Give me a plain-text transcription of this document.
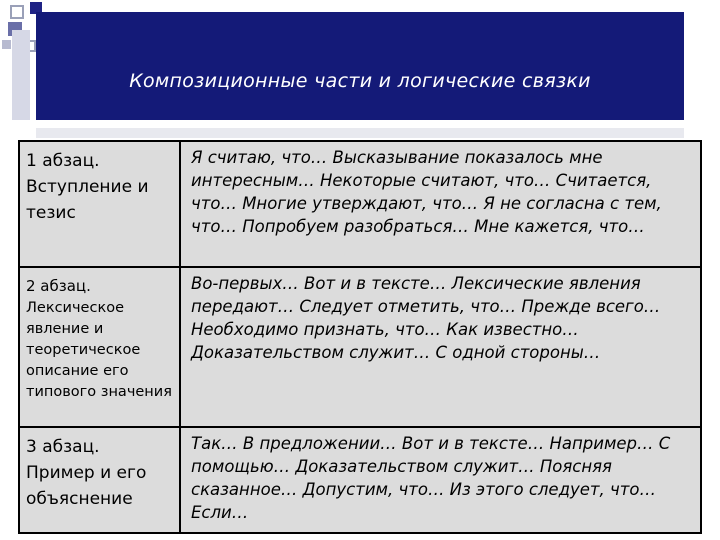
Композиционные части и логические связки
1 абзац.
Вступление и тезис
Я считаю, что… Высказывание показалось мне интересным… Некоторые считают, что… Считается, что… Многие утверждают, что… Я не согласна с тем, что… Попробуем разобраться… Мне кажется, что…
2 абзац.
Лексическое явление и теоретическое описание его типового значения
Во-первых… Вот и в тексте… Лексические явления передают… Следует отметить, что… Прежде всего… Необходимо признать, что… Как известно… Доказательством служит… С одной стороны…
3 абзац.
Пример и его объяснение
Так… В предложении… Вот и в тексте… Например… С помощью… Доказательством служит… Поясняя сказанное… Допустим, что… Из этого следует, что… Если…
